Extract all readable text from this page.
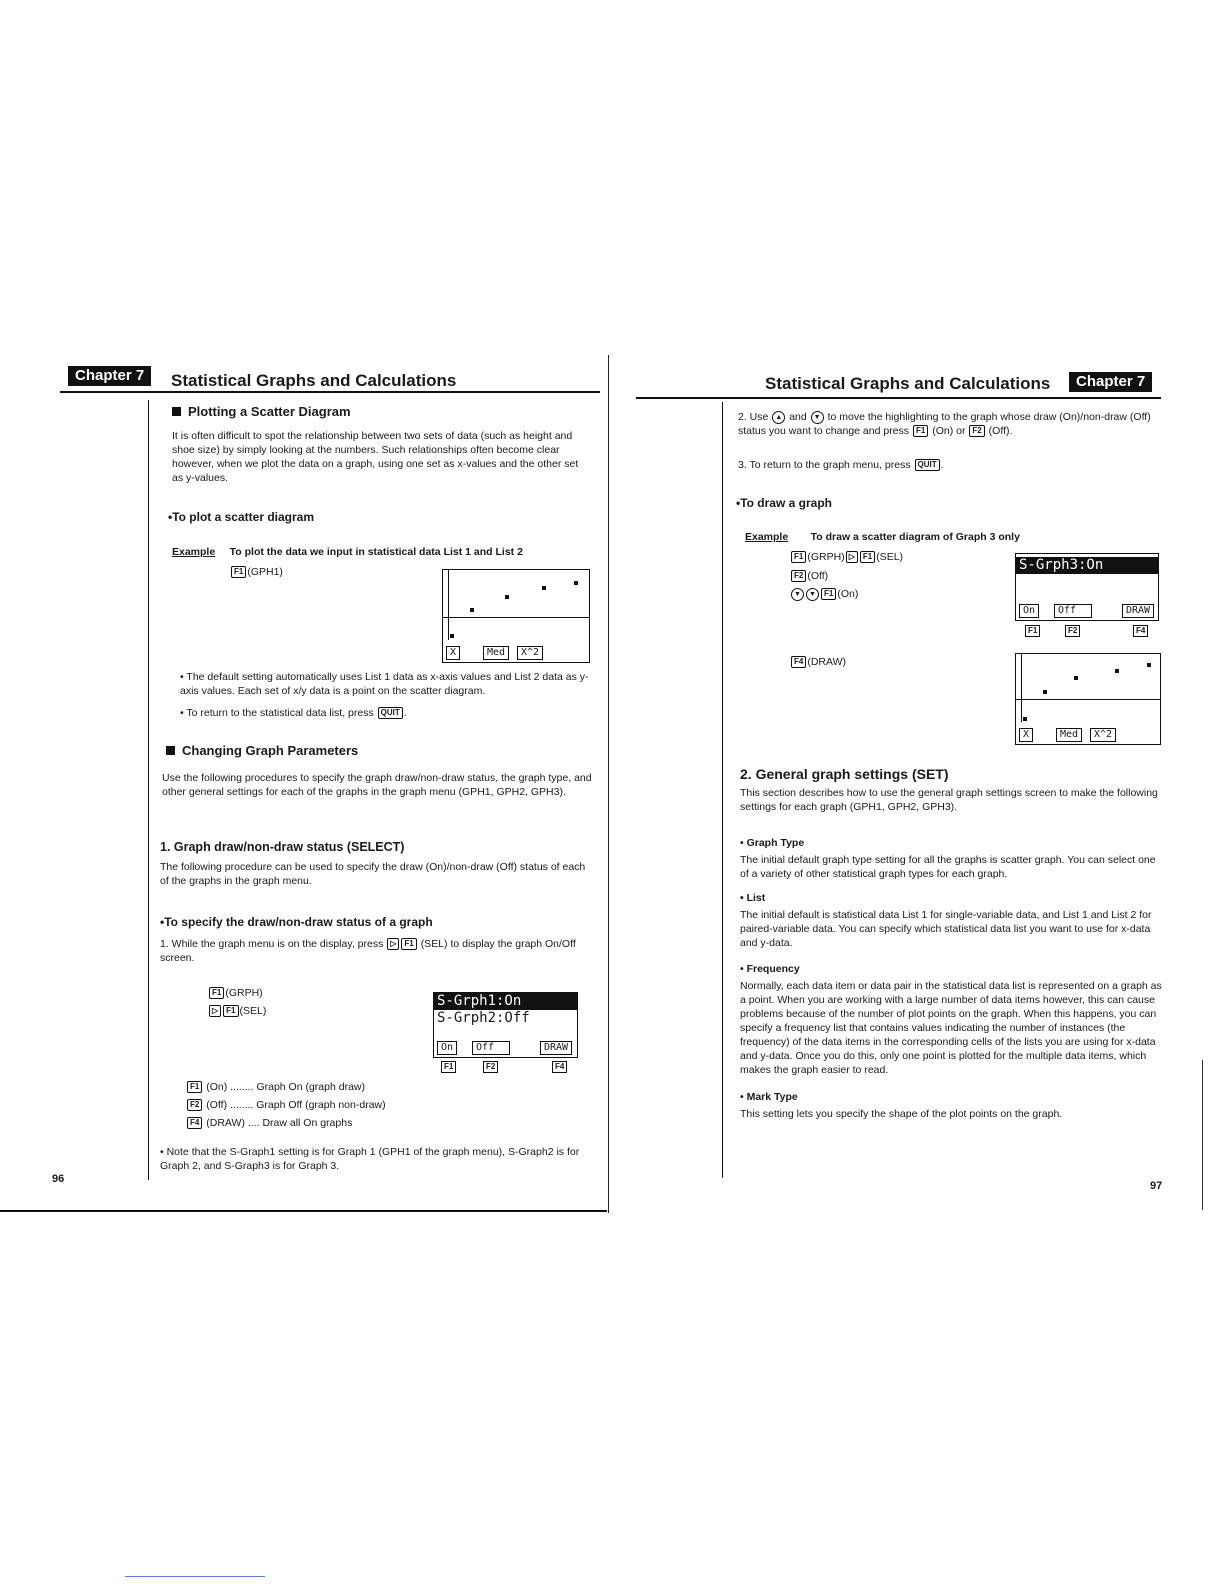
Chapter 7	Statistical Graphs and Calculations
Plotting a Scatter Diagram
It is often difficult to spot the relationship between two sets of data (such as height and shoe size) by simply looking at the numbers. Such relationships often become clear however, when we plot the data on a graph, using one set as x-values and the other set as y-values.
•To plot a scatter diagram
Example To plot the data we input in statistical data List 1 and List 2
F1 (GPH1)
X	Med	X^2
• The default setting automatically uses List 1 data as x-axis values and List 2 data as y-axis values. Each set of x/y data is a point on the scatter diagram.
• To return to the statistical data list, press QUIT .
Changing Graph Parameters
Use the following procedures to specify the graph draw/non-draw status, the graph type, and other general settings for each of the graphs in the graph menu (GPH1, GPH2, GPH3).
1. Graph draw/non-draw status (SELECT)
The following procedure can be used to specify the draw (On)/non-draw (Off) status of each of the graphs in the graph menu.
•To specify the draw/non-draw status of a graph
1. While the graph menu is on the display, press ▷ F1 (SEL) to display the graph On/Off screen.
F1 (GRPH)
▷ F1 (SEL)
S-Grph1:On
S-Grph2:Off
On	Off	DRAW
F1	F2	F4
F1 (On) ........ Graph On (graph draw)
F2 (Off) ........ Graph Off (graph non-draw)
F4 (DRAW) .... Draw all On graphs
• Note that the S-Graph1 setting is for Graph 1 (GPH1 of the graph menu), S-Graph2 is for Graph 2, and S-Graph3 is for Graph 3.
96
Statistical Graphs and Calculations	Chapter 7
2. Use ▲ and ▼ to move the highlighting to the graph whose draw (On)/non-draw (Off) status you want to change and press F1 (On) or F2 (Off).
3. To return to the graph menu, press QUIT .
•To draw a graph
Example To draw a scatter diagram of Graph 3 only
F1 (GRPH) ▷ F1 (SEL)
F2 (Off)
▼ ▼ F1 (On)
S-Grph3:On
On	Off	DRAW
F1	F2	F4
F4 (DRAW)
X	Med	X^2
2. General graph settings (SET)
This section describes how to use the general graph settings screen to make the following settings for each graph (GPH1, GPH2, GPH3).
• Graph Type
The initial default graph type setting for all the graphs is scatter graph. You can select one of a variety of other statistical graph types for each graph.
• List
The initial default is statistical data List 1 for single-variable data, and List 1 and List 2 for paired-variable data. You can specify which statistical data list you want to use for x-data and y-data.
• Frequency
Normally, each data item or data pair in the statistical data list is represented on a graph as a point. When you are working with a large number of data items however, this can cause problems because of the number of plot points on the graph. When this happens, you can specify a frequency list that contains values indicating the number of instances (the frequency) of the data items in the corresponding cells of the lists you are using for x-data and y-data. Once you do this, only one point is plotted for the multiple data items, which makes the graph easier to read.
• Mark Type
This setting lets you specify the shape of the plot points on the graph.
97
